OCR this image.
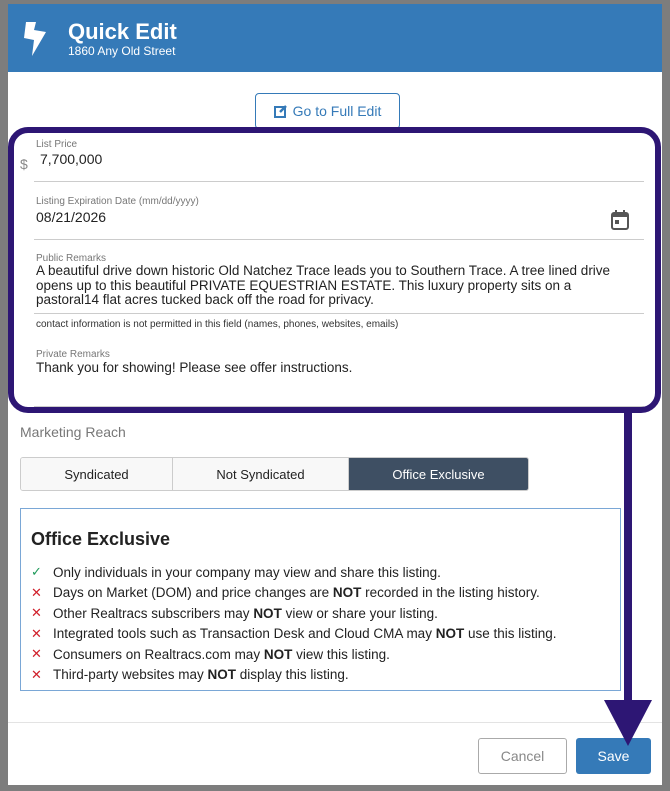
Quick Edit
1860 Any Old Street
Go to Full Edit
List Price
$ 7,700,000
Listing Expiration Date (mm/dd/yyyy)
08/21/2026
Public Remarks
A beautiful drive down historic Old Natchez Trace leads you to Southern Trace. A tree lined drive opens up to this beautiful PRIVATE EQUESTRIAN ESTATE. This luxury property sits on a pastoral14 flat acres tucked back off the road for privacy.
contact information is not permitted in this field (names, phones, websites, emails)
Private Remarks
Thank you for showing! Please see offer instructions.
Marketing Reach
Syndicated	Not Syndicated	Office Exclusive
Office Exclusive
✓ Only individuals in your company may view and share this listing.
✕ Days on Market (DOM) and price changes are NOT recorded in the listing history.
✕ Other Realtracs subscribers may NOT view or share your listing.
✕ Integrated tools such as Transaction Desk and Cloud CMA may NOT use this listing.
✕ Consumers on Realtracs.com may NOT view this listing.
✕ Third-party websites may NOT display this listing.
Cancel	Save
